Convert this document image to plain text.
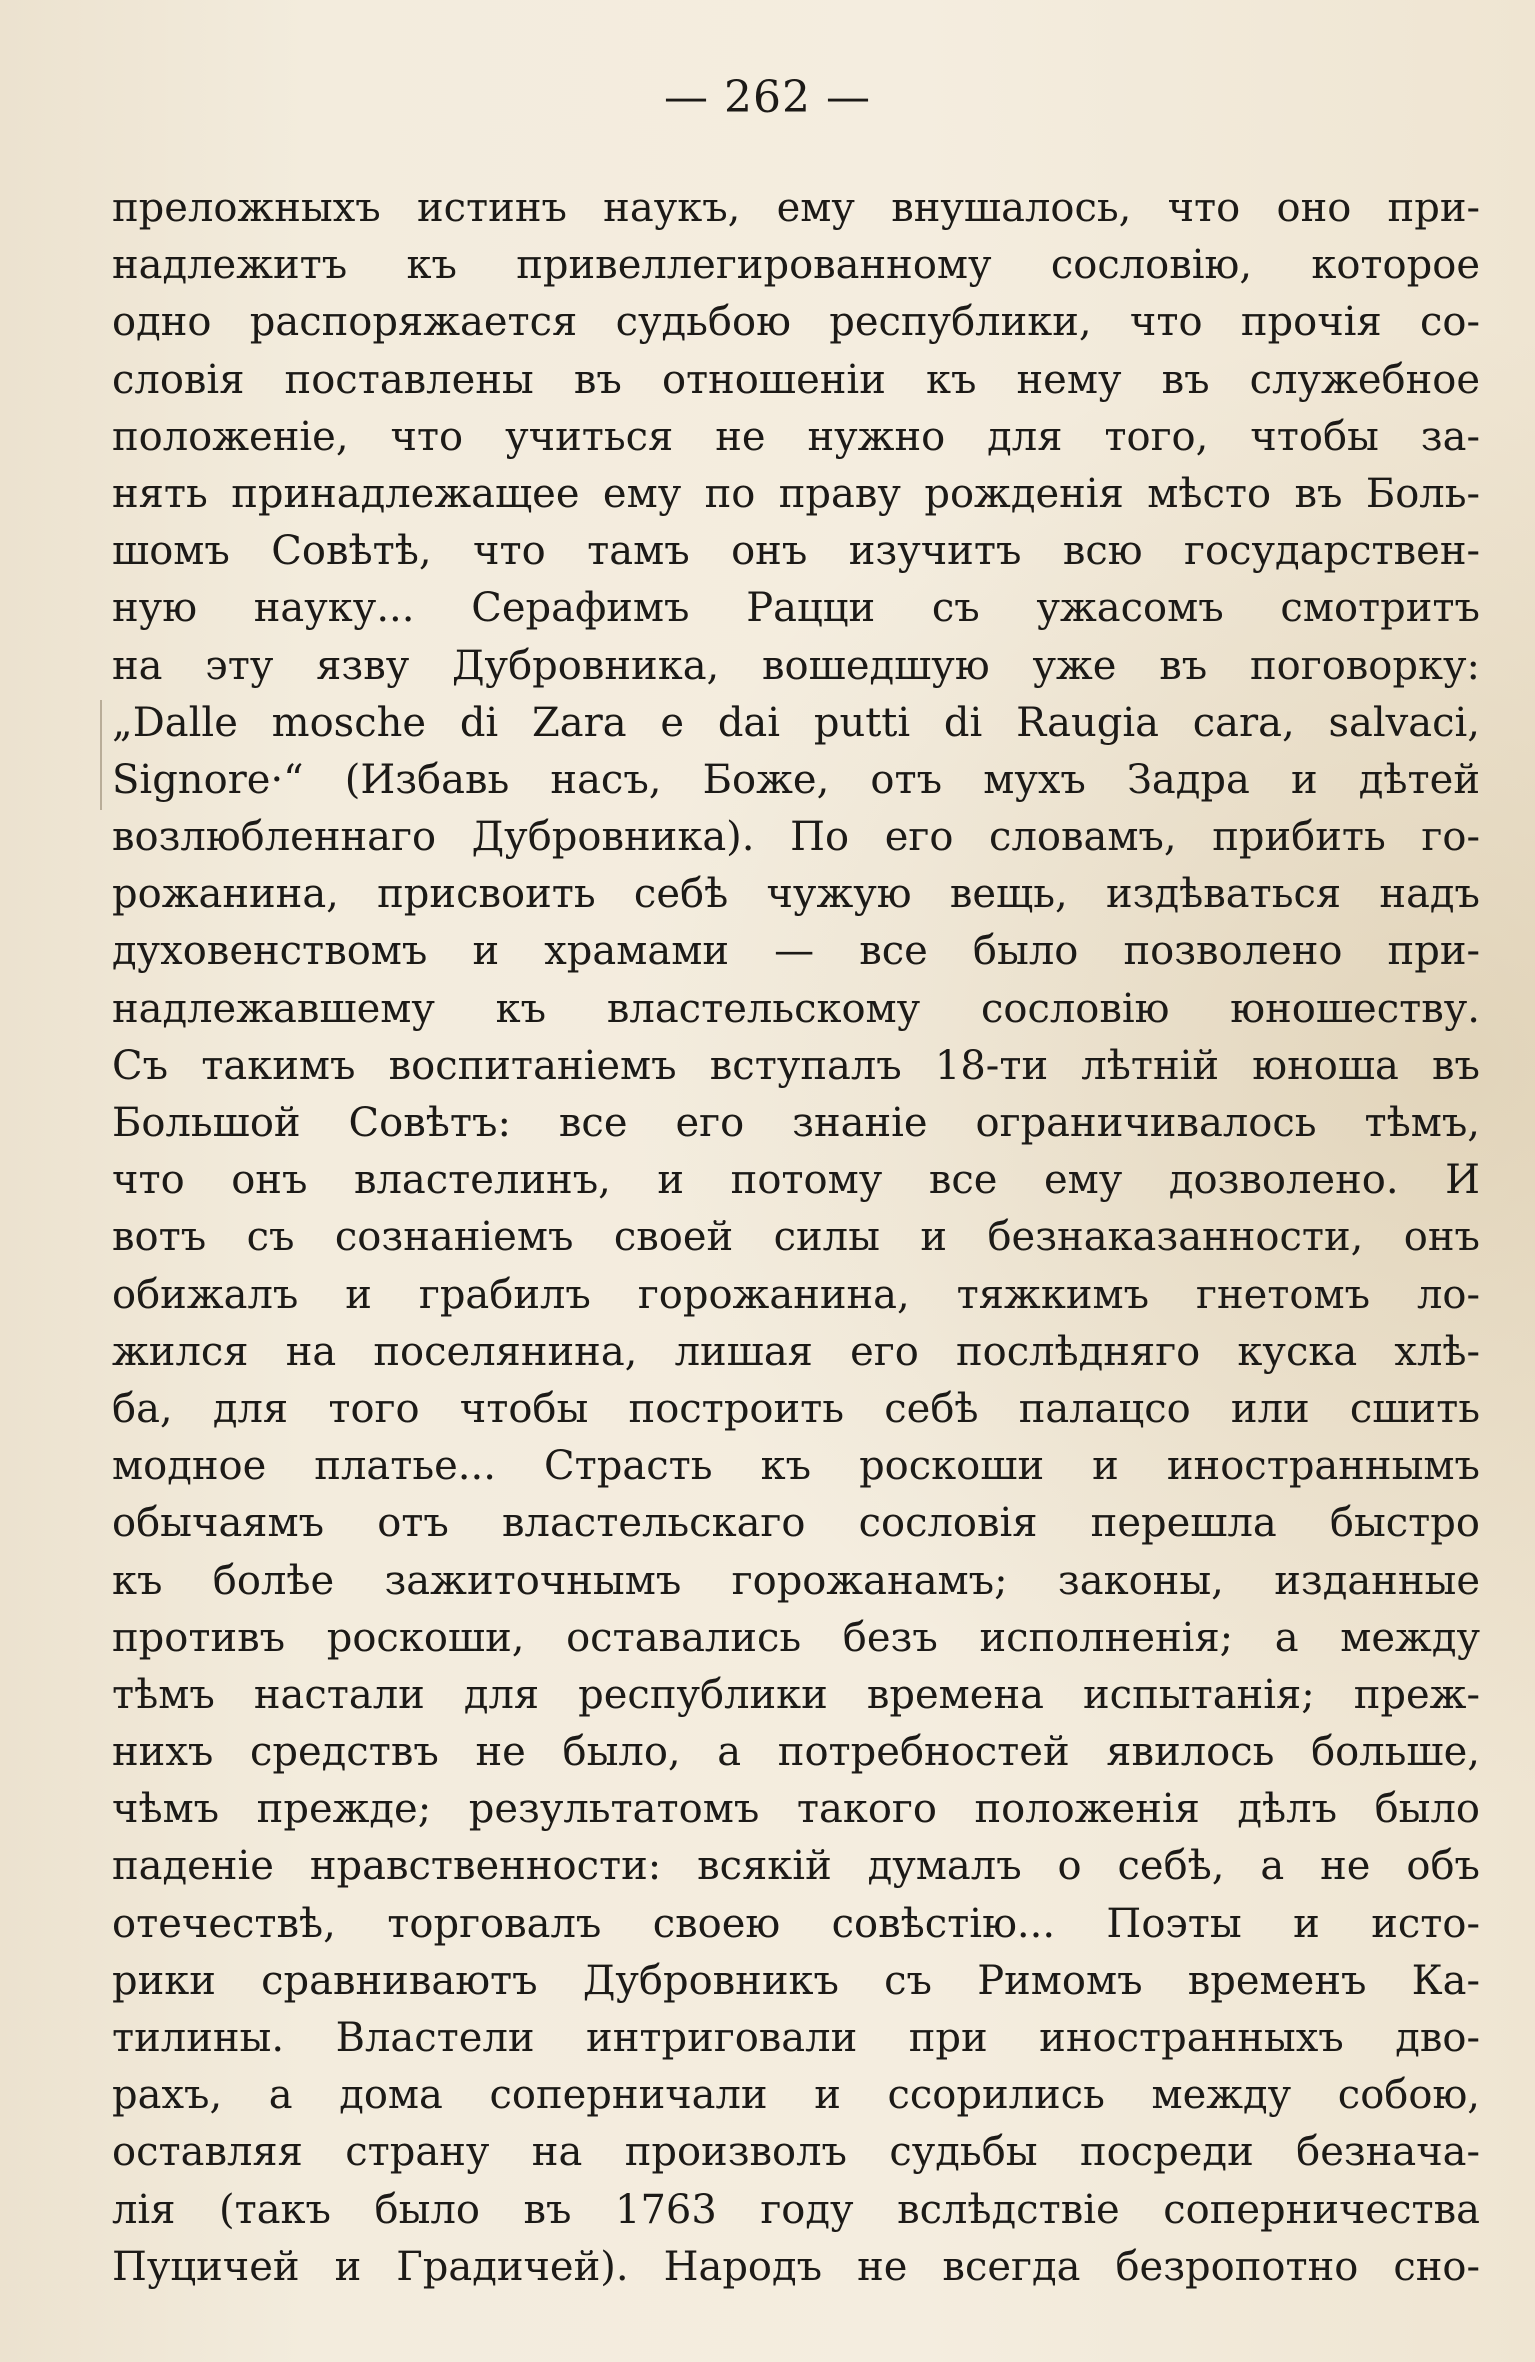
— 262 —
преложныхъ истинъ наукъ, ему внушалось, что оно при-
надлежитъ къ привеллегированному сословію, которое
одно распоряжается судьбою республики, что прочія со-
словія поставлены въ отношеніи къ нему въ служебное
положеніе, что учиться не нужно для того, чтобы за-
нять принадлежащее ему по праву рожденія мѣсто въ Боль-
шомъ Совѣтѣ, что тамъ онъ изучитъ всю государствен-
ную науку... Серафимъ Рацци съ ужасомъ смотритъ
на эту язву Дубровника, вошедшую уже въ поговорку:
„Dalle mosche di Zara e dai putti di Raugia cara, salvaci,
Signore·“ (Избавь насъ, Боже, отъ мухъ Задра и дѣтей
возлюбленнаго Дубровника). По его словамъ, прибить го-
рожанина, присвоить себѣ чужую вещь, издѣваться надъ
духовенствомъ и храмами — все было позволено при-
надлежавшему къ властельскому сословію юношеству.
Съ такимъ воспитаніемъ вступалъ 18-ти лѣтній юноша въ
Большой Совѣтъ: все его знаніе ограничивалось тѣмъ,
что онъ властелинъ, и потому все ему дозволено. И
вотъ съ сознаніемъ своей силы и безнаказанности, онъ
обижалъ и грабилъ горожанина, тяжкимъ гнетомъ ло-
жился на поселянина, лишая его послѣдняго куска хлѣ-
ба, для того чтобы построить себѣ палацco или сшить
модное платье... Страсть къ роскоши и иностраннымъ
обычаямъ отъ властельскаго сословія перешла быстро
къ болѣе зажиточнымъ горожанамъ; законы, изданные
противъ роскоши, оставались безъ исполненія; а между
тѣмъ настали для республики времена испытанія; преж-
нихъ средствъ не было, а потребностей явилось больше,
чѣмъ прежде; результатомъ такого положенія дѣлъ было
паденіе нравственности: всякій думалъ о себѣ, а не объ
отечествѣ, торговалъ своею совѣстію... Поэты и исто-
рики сравниваютъ Дубровникъ съ Римомъ временъ Ка-
тилины. Властели интриговали при иностранныхъ дво-
рахъ, а дома соперничали и ссорились между собою,
оставляя страну на произволъ судьбы посреди безнача-
лія (такъ было въ 1763 году вслѣдствіе соперничества
Пуцичей и Градичей). Народъ не всегда безропотно сно-
